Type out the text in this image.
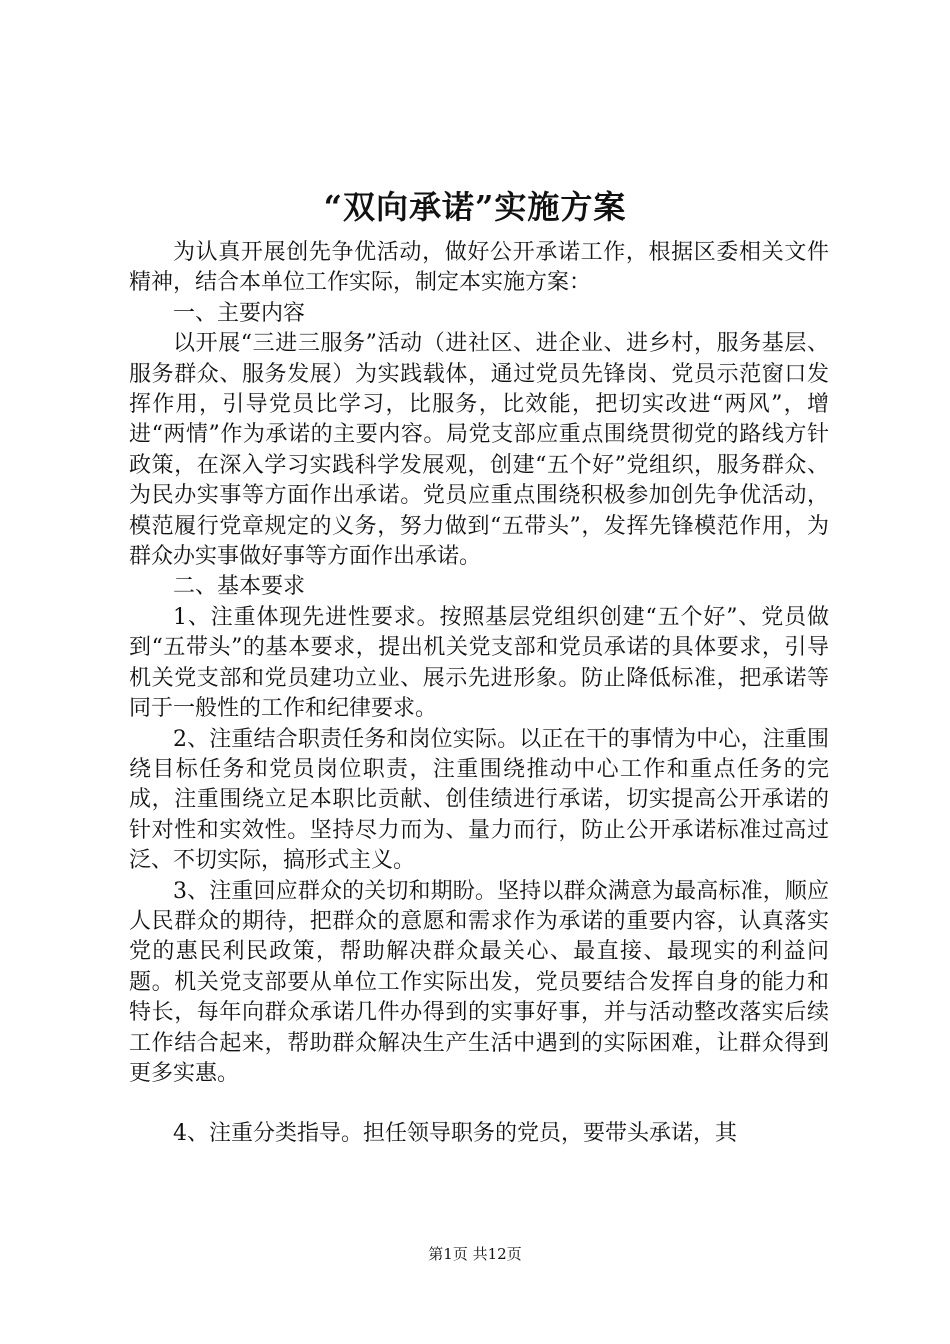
“双向承诺”实施方案

为认真开展创先争优活动，做好公开承诺工作，根据区委相关文件精神，结合本单位工作实际，制定本实施方案：

一、主要内容

以开展“三进三服务”活动（进社区、进企业、进乡村，服务基层、服务群众、服务发展）为实践载体，通过党员先锋岗、党员示范窗口发挥作用，引导党员比学习，比服务，比效能，把切实改进“两风”，增进“两情”作为承诺的主要内容。局党支部应重点围绕贯彻党的路线方针政策，在深入学习实践科学发展观，创建“五个好”党组织，服务群众、为民办实事等方面作出承诺。党员应重点围绕积极参加创先争优活动，模范履行党章规定的义务，努力做到“五带头”，发挥先锋模范作用，为群众办实事做好事等方面作出承诺。

二、基本要求

1、注重体现先进性要求。按照基层党组织创建“五个好”、党员做到“五带头”的基本要求，提出机关党支部和党员承诺的具体要求，引导机关党支部和党员建功立业、展示先进形象。防止降低标准，把承诺等同于一般性的工作和纪律要求。

2、注重结合职责任务和岗位实际。以正在干的事情为中心，注重围绕目标任务和党员岗位职责，注重围绕推动中心工作和重点任务的完成，注重围绕立足本职比贡献、创佳绩进行承诺，切实提高公开承诺的针对性和实效性。坚持尽力而为、量力而行，防止公开承诺标准过高过泛、不切实际，搞形式主义。

3、注重回应群众的关切和期盼。坚持以群众满意为最高标准，顺应人民群众的期待，把群众的意愿和需求作为承诺的重要内容，认真落实党的惠民利民政策，帮助解决群众最关心、最直接、最现实的利益问题。机关党支部要从单位工作实际出发，党员要结合发挥自身的能力和特长，每年向群众承诺几件办得到的实事好事，并与活动整改落实后续工作结合起来，帮助群众解决生产生活中遇到的实际困难，让群众得到更多实惠。

4、注重分类指导。担任领导职务的党员，要带头承诺，其

第1页 共12页
